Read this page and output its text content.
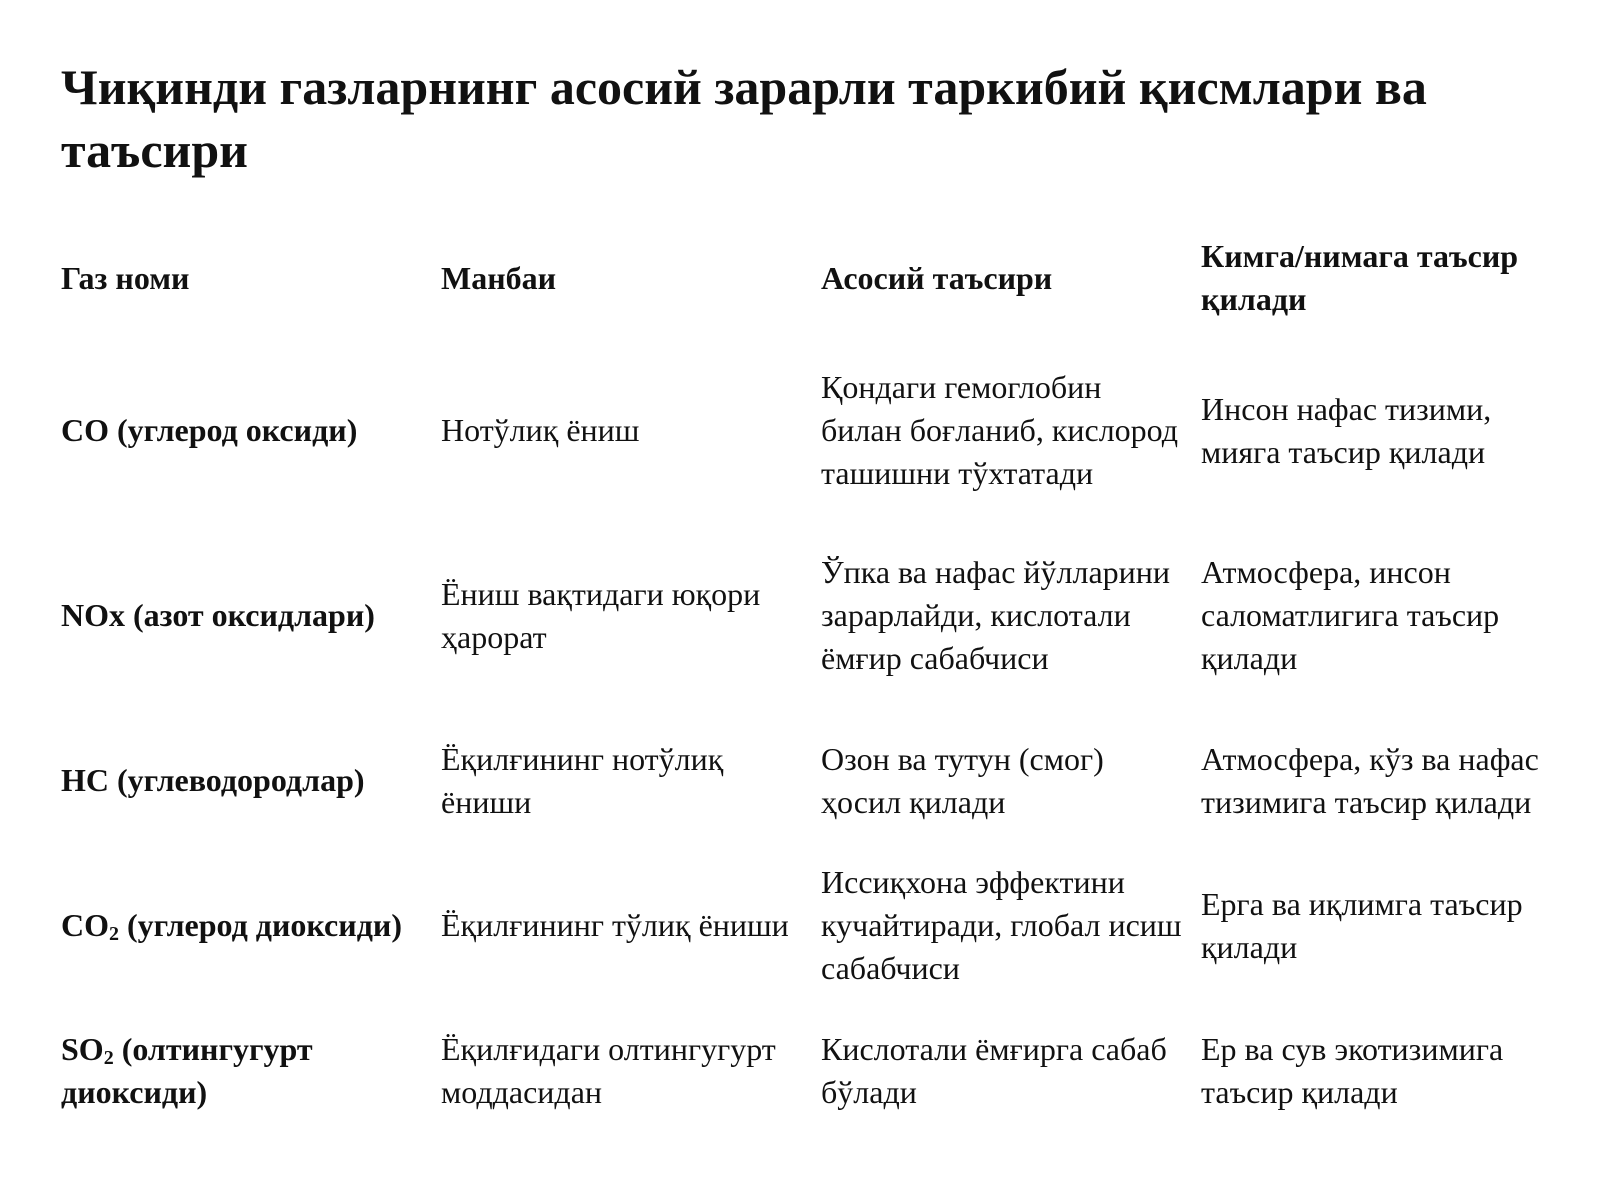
Чиқинди газларнинг асосий зарарли таркибий қисмлари ва таъсири
Газ номи	Манбаи	Асосий таъсири	Кимга/нимага таъсир қилади
CO (углерод оксиди)	Нотўлиқ ёниш	Қондаги гемоглобин билан боғланиб, кислород ташишни тўхтатади	Инсон нафас тизими, мияга таъсир қилади
NOx (азот оксидлари)	Ёниш вақтидаги юқори ҳарорат	Ўпка ва нафас йўлларини зарарлайди, кислотали ёмғир сабабчиси	Атмосфера, инсон саломатлигига таъсир қилади
HC (углеводородлар)	Ёқилғининг нотўлиқ ёниши	Озон ва тутун (смог) ҳосил қилади	Атмосфера, кўз ва нафас тизимига таъсир қилади
$CO_2$ (углерод диоксиди)	Ёқилғининг тўлиқ ёниши	Иссиқхона эффектини кучайтиради, глобал исиш сабабчиси	Ерга ва иқлимга таъсир қилади
$SO_2$ (олтингугурт диоксиди)	Ёқилғидаги олтингугурт моддасидан	Кислотали ёмғирга сабаб бўлади	Ер ва сув экотизимига таъсир қилади
